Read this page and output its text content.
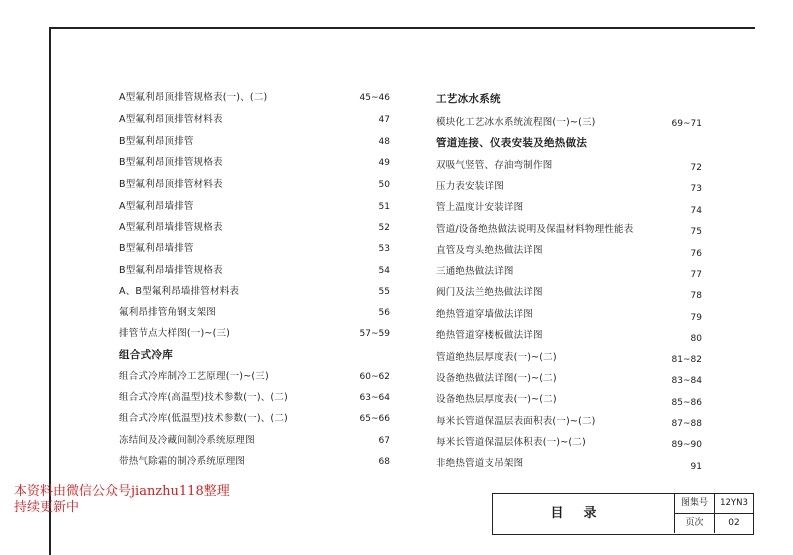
A型氟利昂顶排管规格表(一)、(二)	45~46
A型氟利昂顶排管材料表	47
B型氟利昂顶排管	48
B型氟利昂顶排管规格表	49
B型氟利昂顶排管材料表	50
A型氟利昂墙排管	51
A型氟利昂墙排管规格表	52
B型氟利昂墙排管	53
B型氟利昂墙排管规格表	54
A、B型氟利昂墙排管材料表	55
氟利昂排管角钢支架图	56
排管节点大样图(一)~(三)	57~59
组合式冷库
组合式冷库制冷工艺原理(一)~(三)	60~62
组合式冷库(高温型)技术参数(一)、(二)	63~64
组合式冷库(低温型)技术参数(一)、(二)	65~66
冻结间及冷藏间制冷系统原理图	67
带热气除霜的制冷系统原理图	68
工艺冰水系统
模块化工艺冰水系统流程图(一)~(三)	69~71
管道连接、仪表安装及绝热做法
双吸气竖管、存油弯制作图	72
压力表安装详图	73
管上温度计安装详图	74
管道/设备绝热做法说明及保温材料物理性能表	75
直管及弯头绝热做法详图	76
三通绝热做法详图	77
阀门及法兰绝热做法详图	78
绝热管道穿墙做法详图	79
绝热管道穿楼板做法详图	80
管道绝热层厚度表(一)~(二)	81~82
设备绝热做法详图(一)~(二)	83~84
设备绝热层厚度表(一)~(二)	85~86
每米长管道保温层表面积表(一)~(二)	87~88
每米长管道保温层体积表(一)~(二)	89~90
非绝热管道支吊架图	91
目录
图集号	12YN3
页次	02
本资料由微信公众号jianzhu118整理
持续更新中
